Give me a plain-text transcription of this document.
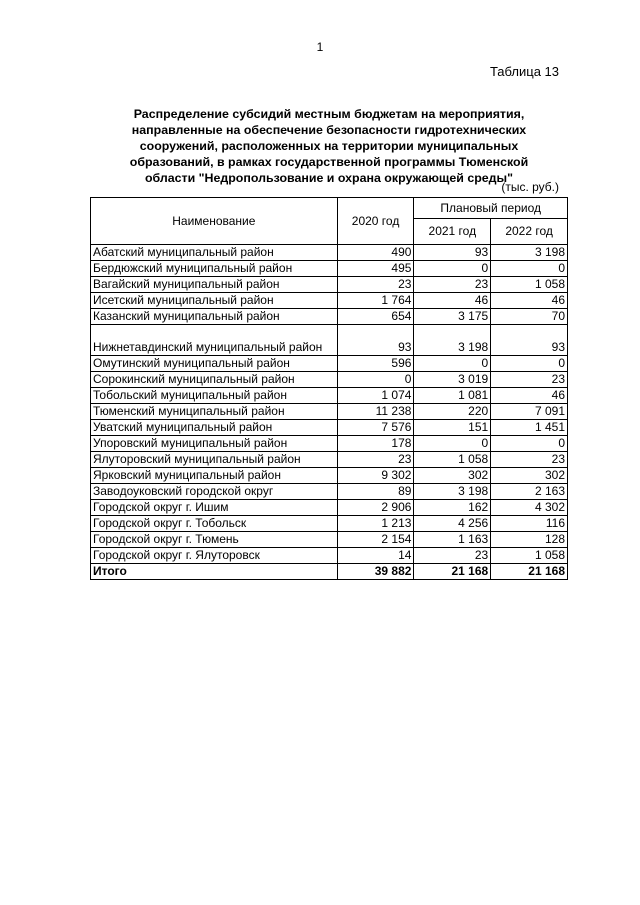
1
Таблица 13
Распределение субсидий местным бюджетам на мероприятия, направленные на обеспечение безопасности гидротехнических сооружений, расположенных на территории муниципальных образований, в рамках государственной программы Тюменской области "Недропользование и охрана окружающей среды"
(тыс. руб.)
Наименование	2020 год	Плановый период	
		2021 год	2022 год
Абатский муниципальный район	490	93	3 198
Бердюжский муниципальный район	495	0	0
Вагайский муниципальный район	23	23	1 058
Исетский муниципальный район	1 764	46	46
Казанский муниципальный район	654	3 175	70
Нижнетавдинский муниципальный район	93	3 198	93
Омутинский муниципальный район	596	0	0
Сорокинский муниципальный район	0	3 019	23
Тобольский муниципальный район	1 074	1 081	46
Тюменский муниципальный район	11 238	220	7 091
Уватский муниципальный район	7 576	151	1 451
Упоровский муниципальный район	178	0	0
Ялуторовский муниципальный район	23	1 058	23
Ярковский муниципальный район	9 302	302	302
Заводоуковский городской округ	89	3 198	2 163
Городской округ г. Ишим	2 906	162	4 302
Городской округ г. Тобольск	1 213	4 256	116
Городской округ г. Тюмень	2 154	1 163	128
Городской округ г. Ялуторовск	14	23	1 058
Итого	39 882	21 168	21 168
